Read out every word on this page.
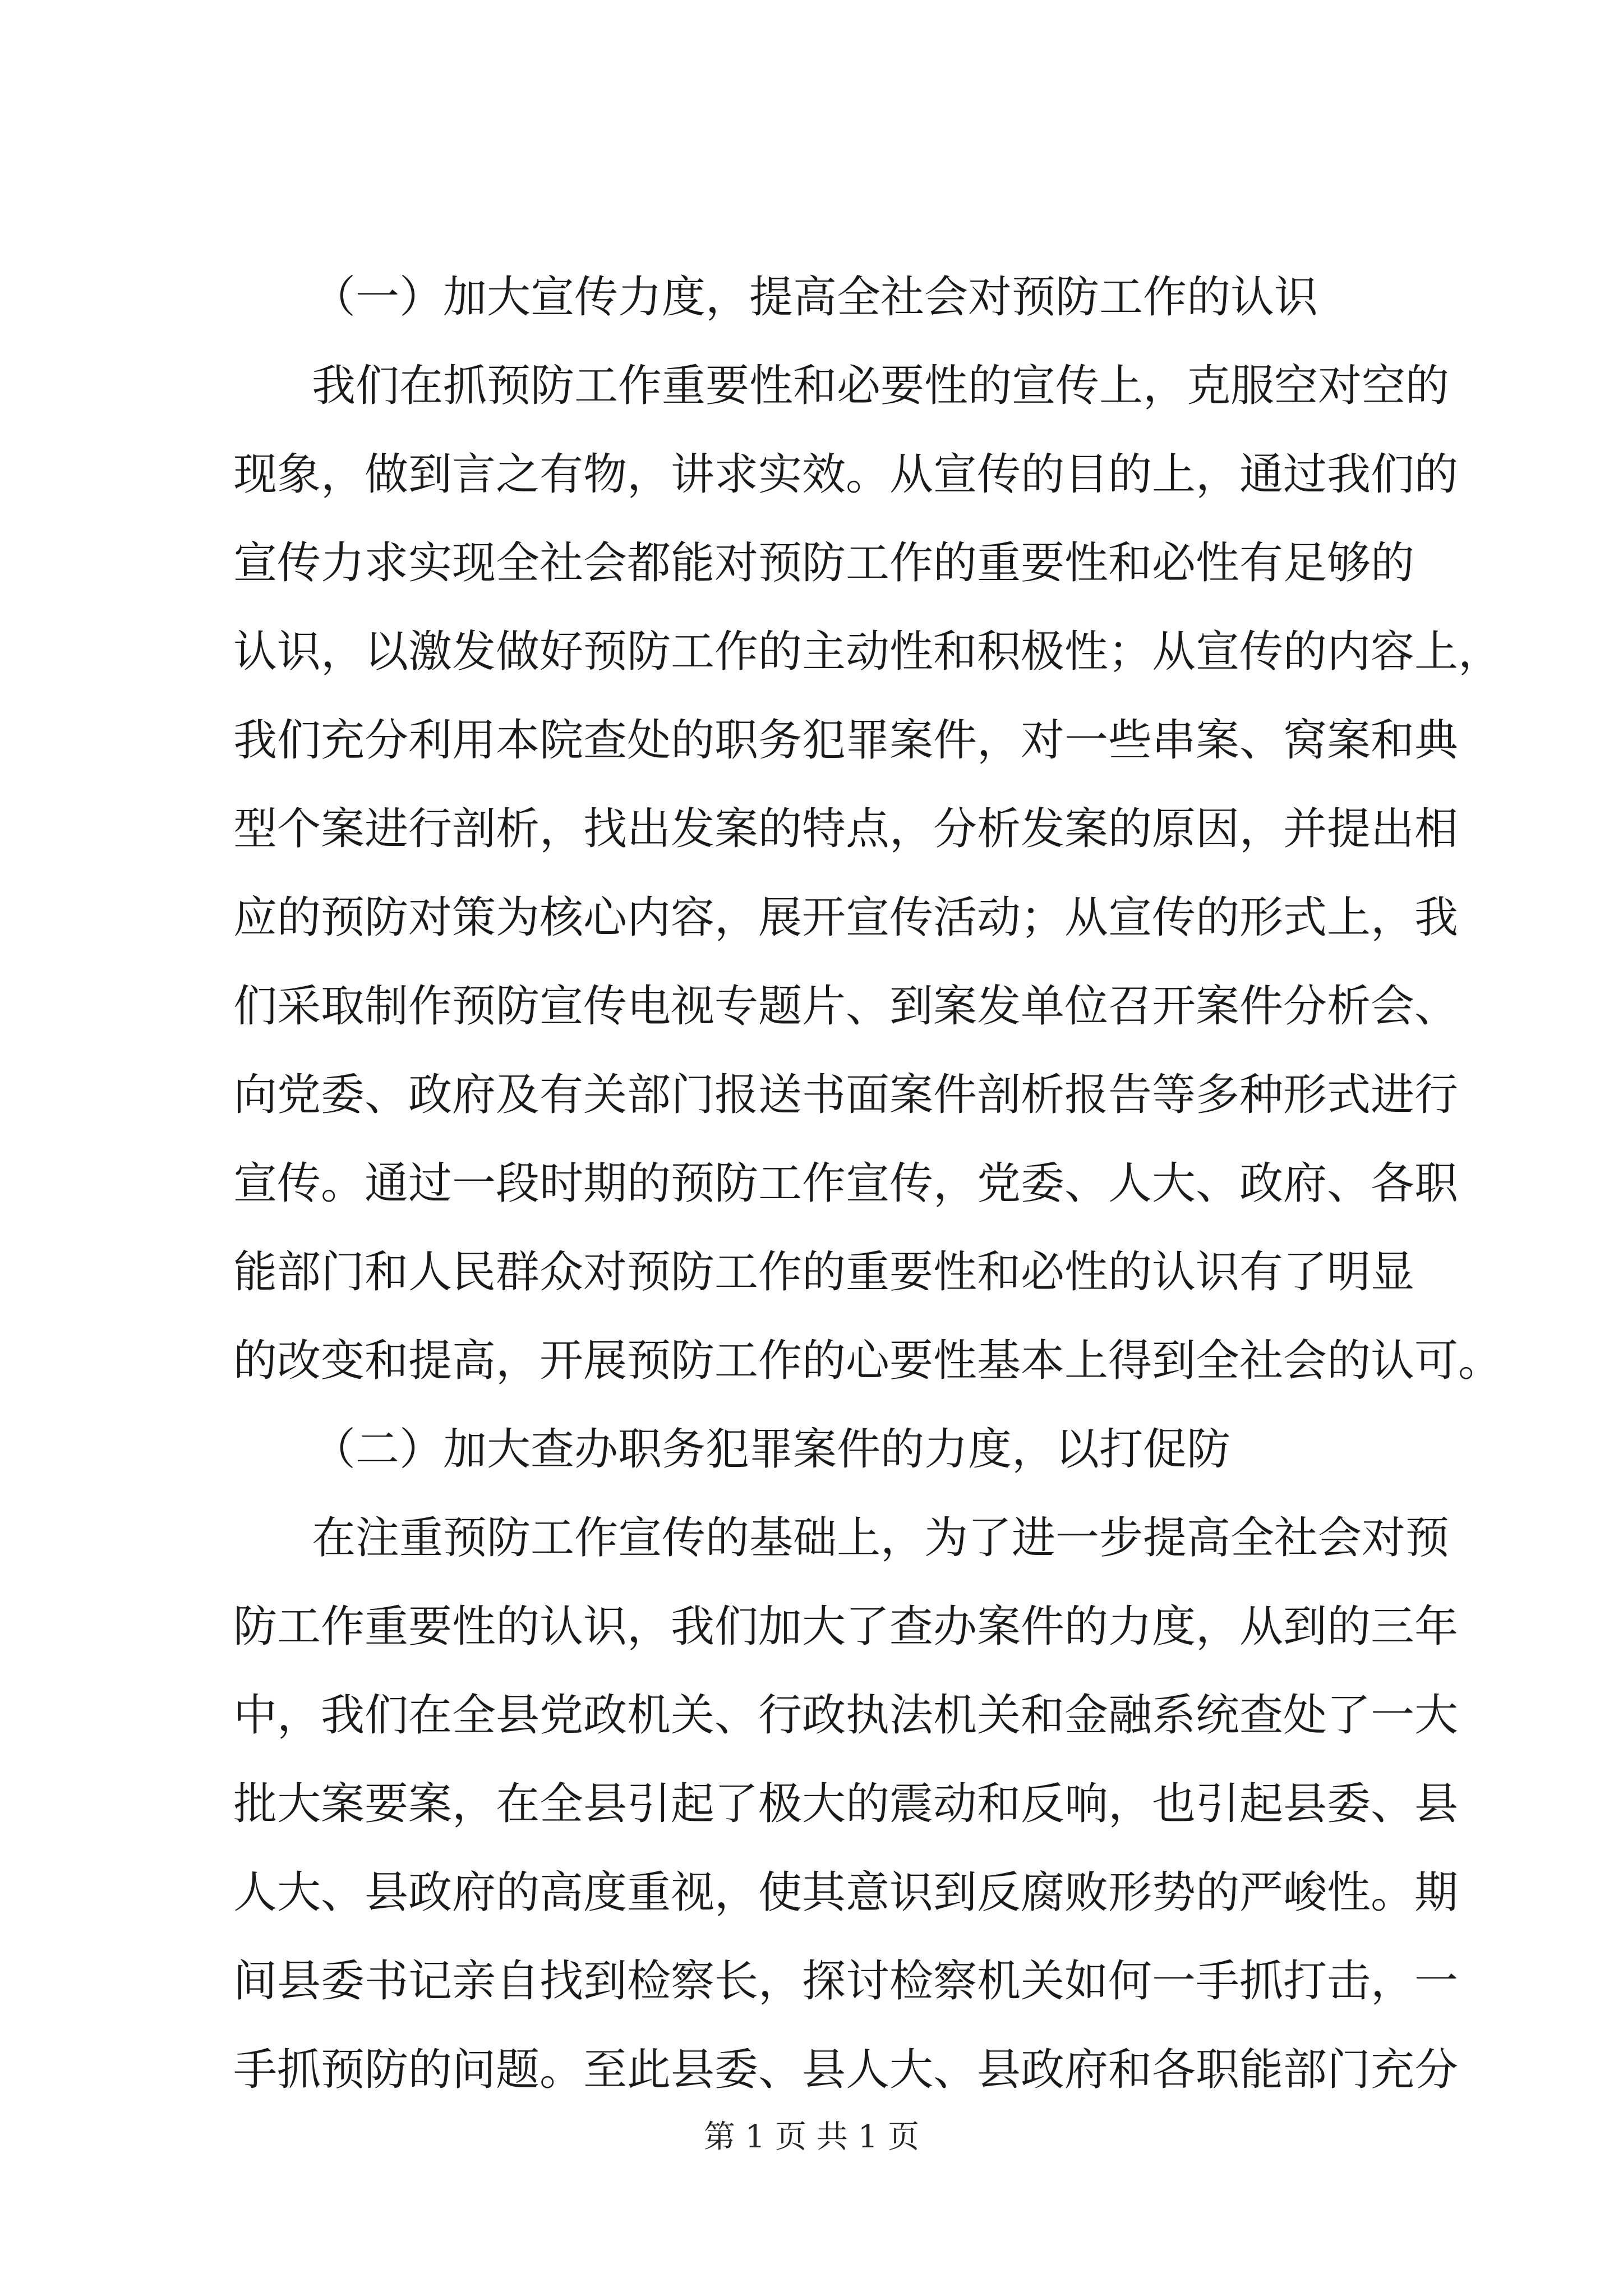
（一）加大宣传力度，提高全社会对预防工作的认识
我们在抓预防工作重要性和必要性的宣传上，克服空对空的
现象，做到言之有物，讲求实效。从宣传的目的上，通过我们的
宣传力求实现全社会都能对预防工作的重要性和必性有足够的
认识，以激发做好预防工作的主动性和积极性；从宣传的内容上，
我们充分利用本院查处的职务犯罪案件，对一些串案、窝案和典
型个案进行剖析，找出发案的特点，分析发案的原因，并提出相
应的预防对策为核心内容，展开宣传活动；从宣传的形式上，我
们采取制作预防宣传电视专题片、到案发单位召开案件分析会、
向党委、政府及有关部门报送书面案件剖析报告等多种形式进行
宣传。通过一段时期的预防工作宣传，党委、人大、政府、各职
能部门和人民群众对预防工作的重要性和必性的认识有了明显
的改变和提高，开展预防工作的心要性基本上得到全社会的认可。
（二）加大查办职务犯罪案件的力度，以打促防
在注重预防工作宣传的基础上，为了进一步提高全社会对预
防工作重要性的认识，我们加大了查办案件的力度，从到的三年
中，我们在全县党政机关、行政执法机关和金融系统查处了一大
批大案要案，在全县引起了极大的震动和反响，也引起县委、县
人大、县政府的高度重视，使其意识到反腐败形势的严峻性。期
间县委书记亲自找到检察长，探讨检察机关如何一手抓打击，一
手抓预防的问题。至此县委、县人大、县政府和各职能部门充分
第 1 页 共 1 页
